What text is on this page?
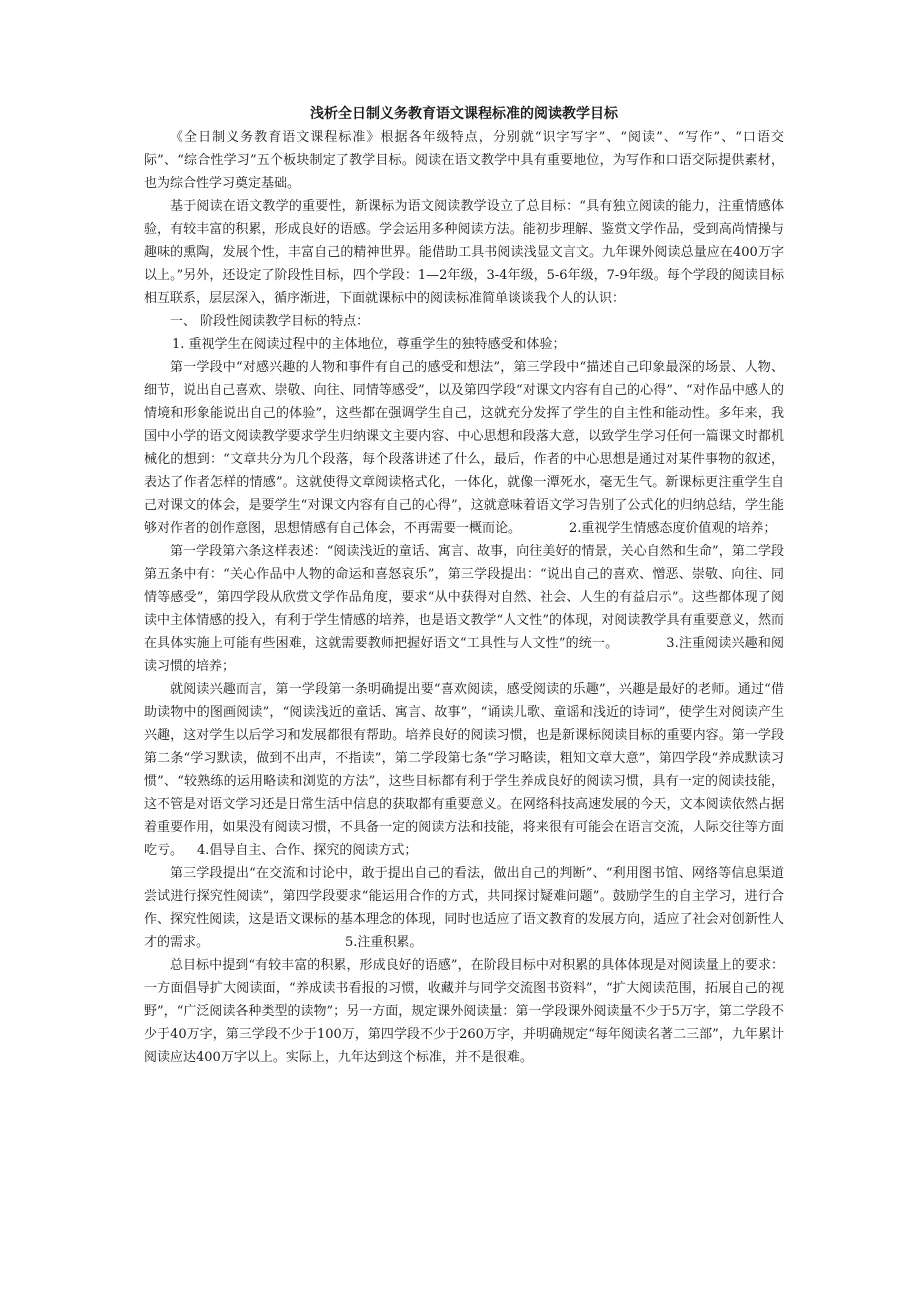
浅析全日制义务教育语文课程标准的阅读教学目标

《全日制义务教育语文课程标准》根据各年级特点，分别就“识字写字”、“阅读”、“写作”、“口语交际”、“综合性学习”五个板块制定了教学目标。阅读在语文教学中具有重要地位，为写作和口语交际提供素材，也为综合性学习奠定基础。

基于阅读在语文教学的重要性，新课标为语文阅读教学设立了总目标：“具有独立阅读的能力，注重情感体验，有较丰富的积累，形成良好的语感。学会运用多种阅读方法。能初步理解、鉴赏文学作品，受到高尚情操与趣味的熏陶，发展个性，丰富自己的精神世界。能借助工具书阅读浅显文言文。九年课外阅读总量应在400万字以上。”另外，还设定了阶段性目标，四个学段：1—2年级，3-4年级，5-6年级，7-9年级。每个学段的阅读目标相互联系，层层深入，循序渐进，下面就课标中的阅读标准简单谈谈我个人的认识：

一、 阶段性阅读教学目标的特点：

1. 重视学生在阅读过程中的主体地位，尊重学生的独特感受和体验；

第一学段中“对感兴趣的人物和事件有自己的感受和想法”，第三学段中“描述自己印象最深的场景、人物、细节，说出自己喜欢、崇敬、向往、同情等感受”，以及第四学段“对课文内容有自己的心得”、“对作品中感人的情境和形象能说出自己的体验”，这些都在强调学生自己，这就充分发挥了学生的自主性和能动性。多年来，我国中小学的语文阅读教学要求学生归纳课文主要内容、中心思想和段落大意，以致学生学习任何一篇课文时都机械化的想到：“文章共分为几个段落，每个段落讲述了什么，最后，作者的中心思想是通过对某件事物的叙述，表达了作者怎样的情感”。这就使得文章阅读格式化，一体化，就像一潭死水，毫无生气。新课标更注重学生自己对课文的体会，是要学生“对课文内容有自己的心得”，这就意味着语文学习告别了公式化的归纳总结，学生能够对作者的创作意图，思想情感有自己体会，不再需要一概而论。	2.重视学生情感态度价值观的培养；

第一学段第六条这样表述：“阅读浅近的童话、寓言、故事，向往美好的情景，关心自然和生命”，第二学段第五条中有：“关心作品中人物的命运和喜怒哀乐”，第三学段提出：“说出自己的喜欢、憎恶、崇敬、向往、同情等感受”，第四学段从欣赏文学作品角度，要求“从中获得对自然、社会、人生的有益启示”。这些都体现了阅读中主体情感的投入，有利于学生情感的培养，也是语文教学“人文性”的体现，对阅读教学具有重要意义，然而在具体实施上可能有些困难，这就需要教师把握好语文“工具性与人文性”的统一。	3.注重阅读兴趣和阅读习惯的培养；

就阅读兴趣而言，第一学段第一条明确提出要“喜欢阅读，感受阅读的乐趣”，兴趣是最好的老师。通过“借助读物中的图画阅读”，“阅读浅近的童话、寓言、故事”，“诵读儿歌、童谣和浅近的诗词”，使学生对阅读产生兴趣，这对学生以后学习和发展都很有帮助。培养良好的阅读习惯，也是新课标阅读目标的重要内容。第一学段第二条“学习默读，做到不出声，不指读”，第二学段第七条“学习略读，粗知文章大意”，第四学段“养成默读习惯”、“较熟练的运用略读和浏览的方法”，这些目标都有利于学生养成良好的阅读习惯，具有一定的阅读技能，这不管是对语文学习还是日常生活中信息的获取都有重要意义。在网络科技高速发展的今天，文本阅读依然占据着重要作用，如果没有阅读习惯，不具备一定的阅读方法和技能，将来很有可能会在语言交流，人际交往等方面吃亏。 4.倡导自主、合作、探究的阅读方式；

第三学段提出“在交流和讨论中，敢于提出自己的看法，做出自己的判断”、“利用图书馆、网络等信息渠道尝试进行探究性阅读”，第四学段要求“能运用合作的方式，共同探讨疑难问题”。鼓励学生的自主学习，进行合作、探究性阅读，这是语文课标的基本理念的体现，同时也适应了语文教育的发展方向，适应了社会对创新性人才的需求。	5.注重积累。

总目标中提到“有较丰富的积累，形成良好的语感”，在阶段目标中对积累的具体体现是对阅读量上的要求：一方面倡导扩大阅读面，“养成读书看报的习惯，收藏并与同学交流图书资料”，“扩大阅读范围，拓展自己的视野”，“广泛阅读各种类型的读物”；另一方面，规定课外阅读量：第一学段课外阅读量不少于5万字，第二学段不少于40万字，第三学段不少于100万，第四学段不少于260万字，并明确规定“每年阅读名著二三部”，九年累计阅读应达400万字以上。实际上，九年达到这个标准，并不是很难。
